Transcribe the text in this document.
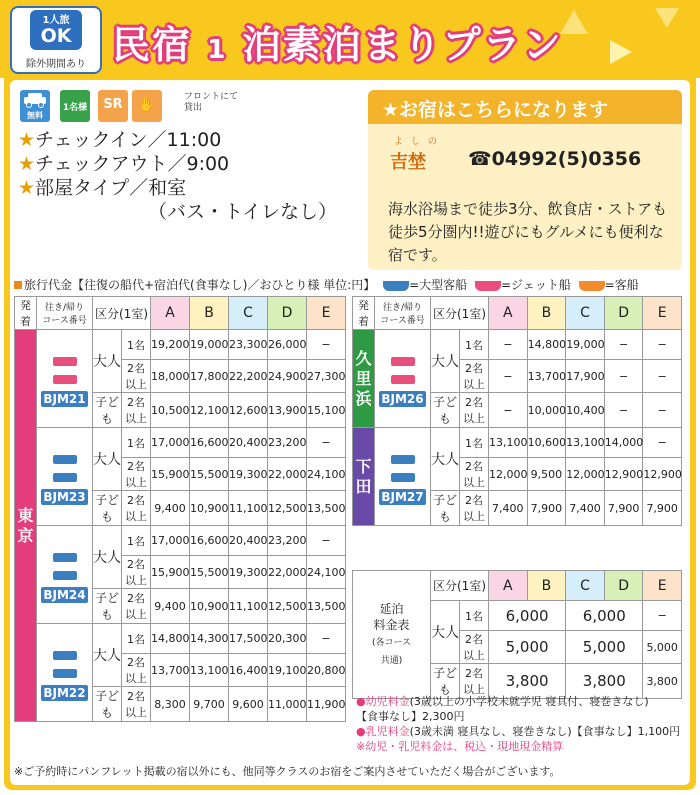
1人旅
OK
除外期間あり 民宿 1 泊素泊まりプラン
無料
1名様	SR	✋	フロントにて貸出
★チェックイン／11:00
★チェックアウト／9:00
★部屋タイプ／和室
（バス・トイレなし）
★お宿はこちらになります
よしの
吉埜 ☎04992(5)0356
海水浴場まで徒歩3分、飲食店・ストアも徒歩5分圏内!!遊びにもグルメにも便利な宿です。
旅行代金【往復の船代+宿泊代(食事なし)／おひとり様 単位:円】	=大型客船	=ジェット船	=客船
発着	往き/帰り
コース番号	区分(1室)		A	B	C	D	E
東
京	BJM21	大人	1名	19,200	19,000	23,300	26,000	−
			2名以上	18,000	17,800	22,200	24,900	27,300
		子ども	2名以上	10,500	12,100	12,600	13,900	15,100

BJM23	大人	1名	17,000	16,600	20,400	23,200	−
			2名以上	15,900	15,500	19,300	22,000	24,100
		子ども	2名以上	9,400	10,900	11,100	12,500	13,500

BJM24	大人	1名	17,000	16,600	20,400	23,200	−
			2名以上	15,900	15,500	19,300	22,000	24,100
		子ども	2名以上	9,400	10,900	11,100	12,500	13,500

BJM22	大人	1名	14,800	14,300	17,500	20,300	−
			2名以上	13,700	13,100	16,400	19,100	20,800
		子ども	2名以上	8,300	9,700	9,600	11,000	11,900
発着	往き/帰り
コース番号	区分(1室)		A	B	C	D	E
久
里
浜	BJM26	大人	1名	−	14,800	19,000	−	−
			2名以上	−	13,700	17,900	−	−
		子ども	2名以上	−	10,000	10,400	−	−
下
田	BJM27	大人	1名	13,100	10,600	13,100	14,000	−
			2名以上	12,000	9,500	12,000	12,900	12,900
		子ども	2名以上	7,400	7,900	7,400	7,900	7,900
延泊
料金表
(各コース
共通)	区分(1室)		A	B	C	D	E
	大人	1名	6,000		6,000		−
		2名以上	5,000		5,000		5,000
	子ども	2名以上	3,800		3,800		3,800
●幼児料金(3歳以上の小学校未就学児 寝具付、寝巻きなし)
【食事なし】2,300円
●乳児料金(3歳未満 寝具なし、寝巻きなし)【食事なし】1,100円
※幼児・乳児料金は、税込・現地現金精算
※ご予約時にパンフレット掲載の宿以外にも、他同等クラスのお宿をご案内させていただく場合がございます。
